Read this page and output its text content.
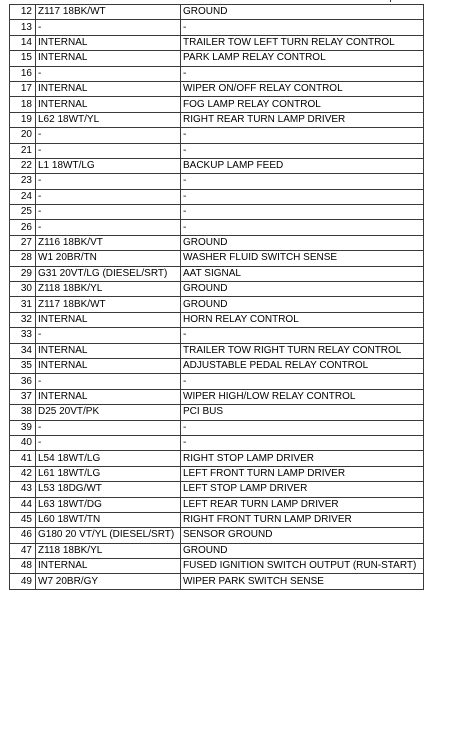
12	Z117 18BK/WT	GROUND
13	-	-
14	INTERNAL	TRAILER TOW LEFT TURN RELAY CONTROL
15	INTERNAL	PARK LAMP RELAY CONTROL
16	-	-
17	INTERNAL	WIPER ON/OFF RELAY CONTROL
18	INTERNAL	FOG LAMP RELAY CONTROL
19	L62 18WT/YL	RIGHT REAR TURN LAMP DRIVER
20	-	-
21	-	-
22	L1 18WT/LG	BACKUP LAMP FEED
23	-	-
24	-	-
25	-	-
26	-	-
27	Z116 18BK/VT	GROUND
28	W1 20BR/TN	WASHER FLUID SWITCH SENSE
29	G31 20VT/LG (DIESEL/SRT)	AAT SIGNAL
30	Z118 18BK/YL	GROUND
31	Z117 18BK/WT	GROUND
32	INTERNAL	HORN RELAY CONTROL
33	-	-
34	INTERNAL	TRAILER TOW RIGHT TURN RELAY CONTROL
35	INTERNAL	ADJUSTABLE PEDAL RELAY CONTROL
36	-	-
37	INTERNAL	WIPER HIGH/LOW RELAY CONTROL
38	D25 20VT/PK	PCI BUS
39	-	-
40	-	-
41	L54 18WT/LG	RIGHT STOP LAMP DRIVER
42	L61 18WT/LG	LEFT FRONT TURN LAMP DRIVER
43	L53 18DG/WT	LEFT STOP LAMP DRIVER
44	L63 18WT/DG	LEFT REAR TURN LAMP DRIVER
45	L60 18WT/TN	RIGHT FRONT TURN LAMP DRIVER
46	G180 20 VT/YL (DIESEL/SRT)	SENSOR GROUND
47	Z118 18BK/YL	GROUND
48	INTERNAL	FUSED IGNITION SWITCH OUTPUT (RUN-START)
49	W7 20BR/GY	WIPER PARK SWITCH SENSE
